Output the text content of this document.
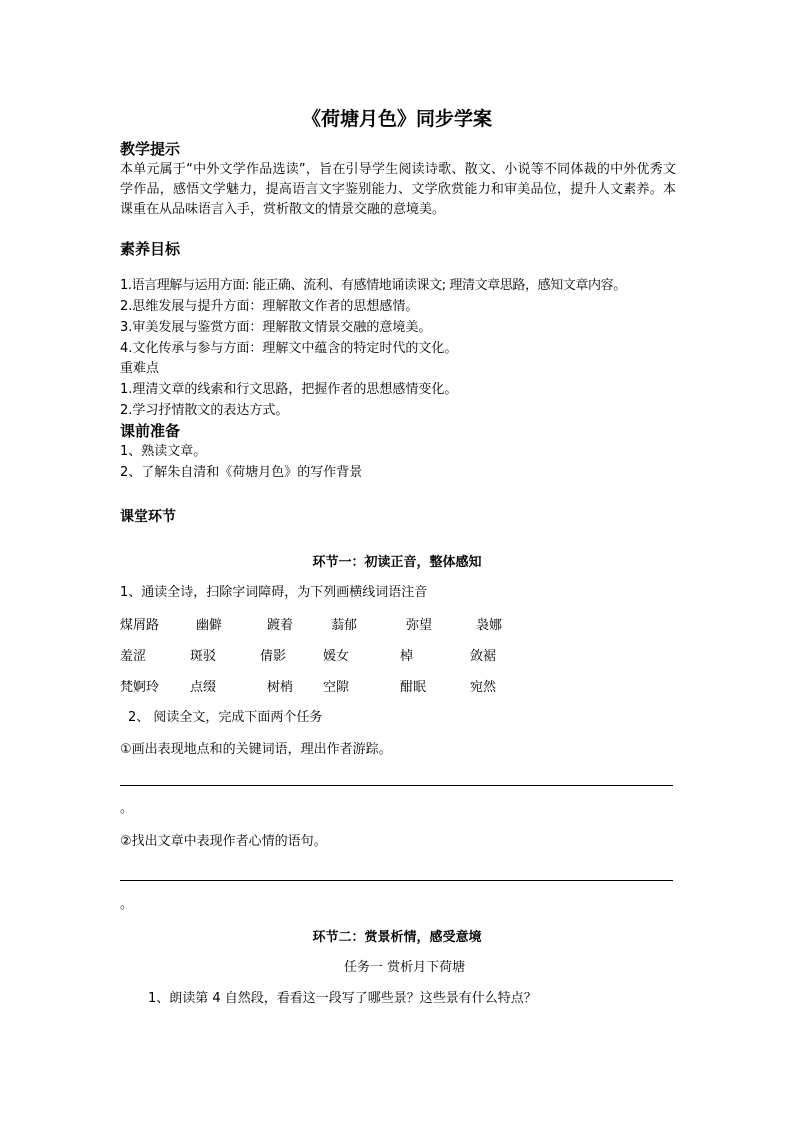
《荷塘月色》同步学案
教学提示
本单元属于“中外文学作品选读”，旨在引导学生阅读诗歌、散文、小说等不同体裁的中外优秀文学作品，感悟文学魅力，提高语言文字鉴别能力、文学欣赏能力和审美品位，提升人文素养。本课重在从品味语言入手，赏析散文的情景交融的意境美。
素养目标
1.语言理解与运用方面: 能正确、流利、有感情地诵读课文; 理清文章思路，感知文章内容。
2.思维发展与提升方面：理解散文作者的思想感情。
3.审美发展与鉴赏方面：理解散文情景交融的意境美。
4.文化传承与参与方面：理解文中蕴含的特定时代的文化。
重难点
1.理清文章的线索和行文思路，把握作者的思想感情变化。
2.学习抒情散文的表达方式。
课前准备
1、熟读文章。
2、了解朱自清和《荷塘月色》的写作背景
课堂环节
环节一：初读正音，整体感知
1、通读全诗，扫除字词障碍，为下列画横线词语注音
煤屑路	幽僻	踱着	蓊郁	弥望	袅娜
羞涩	斑驳	倩影	媛女	棹	敛裾
梵婀玲 点缀	树梢 空隙	酣眠	宛然
2、 阅读全文，完成下面两个任务
①画出表现地点和的关键词语，理出作者游踪。
。
②找出文章中表现作者心情的语句。
。
环节二：赏景析情，感受意境
任务一 赏析月下荷塘
1、朗读第 4 自然段，看看这一段写了哪些景？这些景有什么特点？
